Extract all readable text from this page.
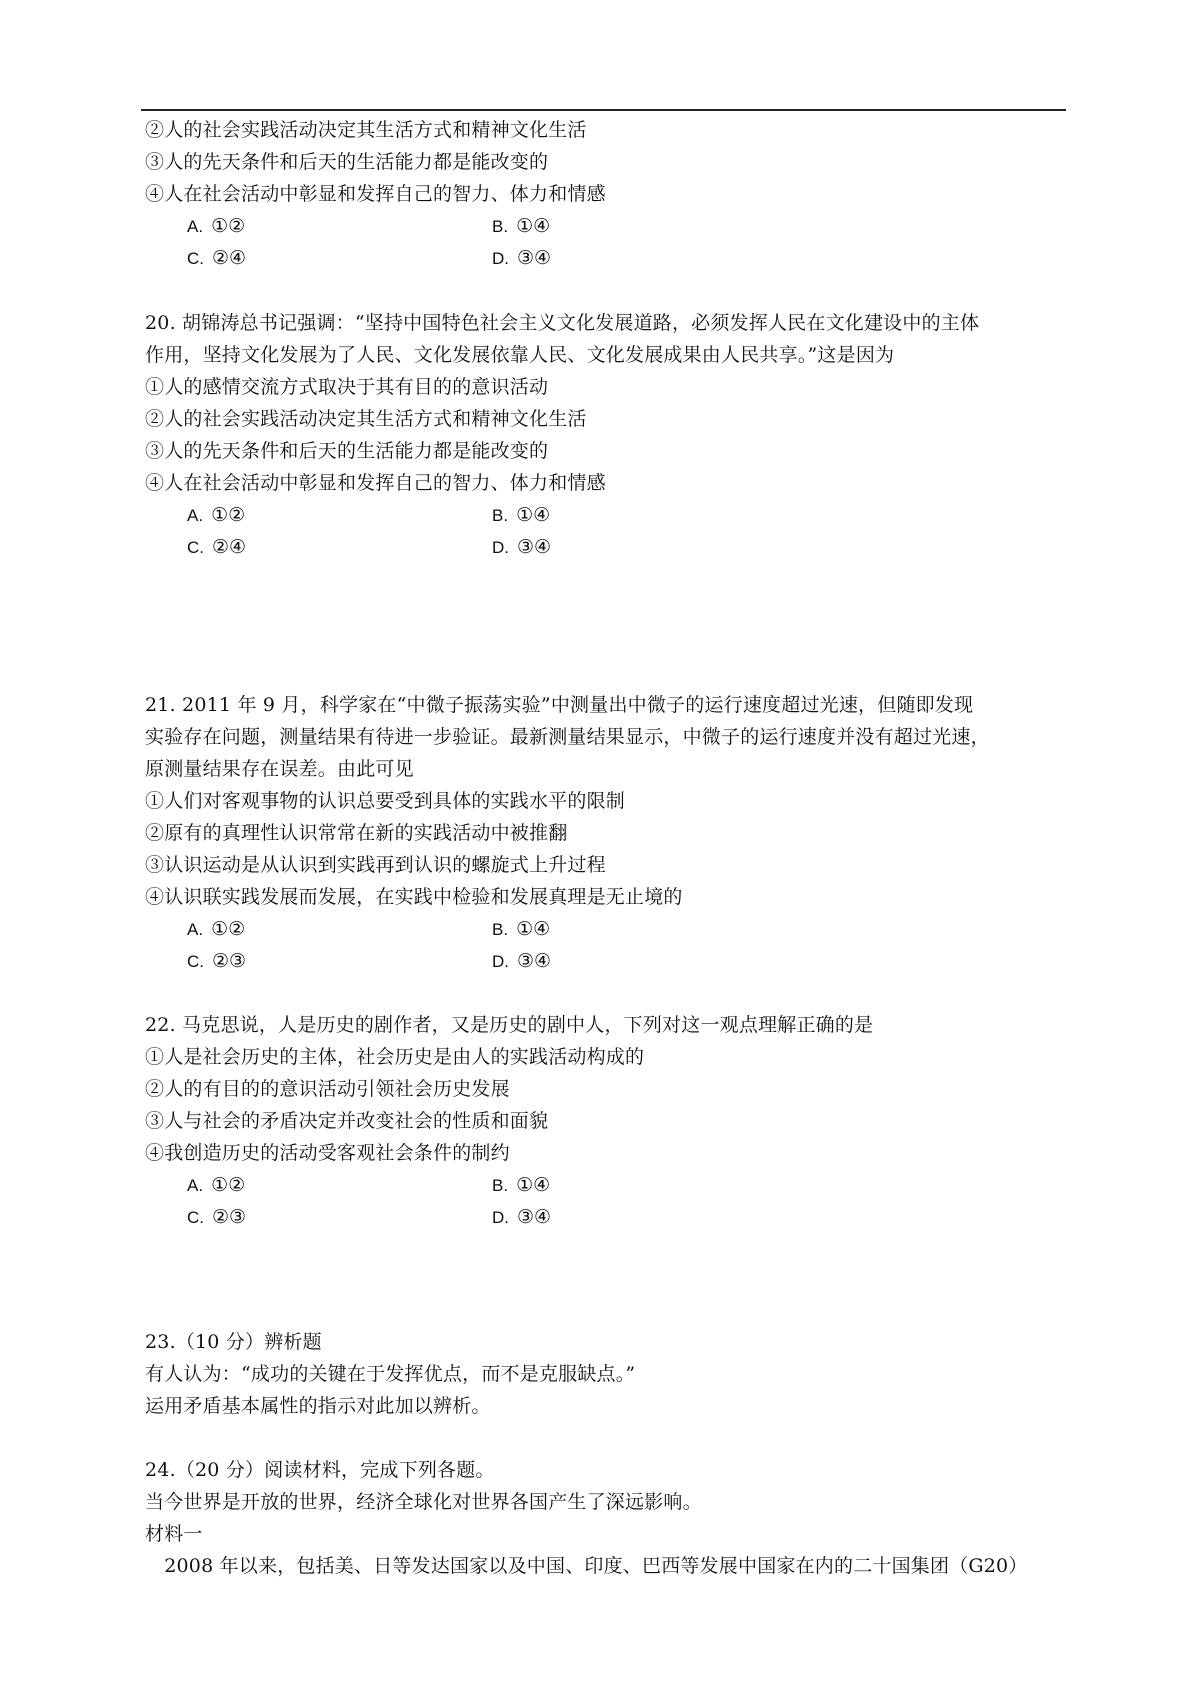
②人的社会实践活动决定其生活方式和精神文化生活
③人的先天条件和后天的生活能力都是能改变的
④人在社会活动中彰显和发挥自己的智力、体力和情感
A. ①②	B. ①④
C. ②④	D. ③④
20. 胡锦涛总书记强调：“坚持中国特色社会主义文化发展道路，必须发挥人民在文化建设中的主体
作用，坚持文化发展为了人民、文化发展依靠人民、文化发展成果由人民共享。”这是因为
①人的感情交流方式取决于其有目的的意识活动
②人的社会实践活动决定其生活方式和精神文化生活
③人的先天条件和后天的生活能力都是能改变的
④人在社会活动中彰显和发挥自己的智力、体力和情感
A. ①②	B. ①④
C. ②④	D. ③④
21. 2011 年 9 月，科学家在“中微子振荡实验”中测量出中微子的运行速度超过光速，但随即发现
实验存在问题，测量结果有待进一步验证。最新测量结果显示，中微子的运行速度并没有超过光速，
原测量结果存在误差。由此可见
①人们对客观事物的认识总要受到具体的实践水平的限制
②原有的真理性认识常常在新的实践活动中被推翻
③认识运动是从认识到实践再到认识的螺旋式上升过程
④认识联实践发展而发展，在实践中检验和发展真理是无止境的
A. ①②	B. ①④
C. ②③	D. ③④
22. 马克思说，人是历史的剧作者，又是历史的剧中人，下列对这一观点理解正确的是
①人是社会历史的主体，社会历史是由人的实践活动构成的
②人的有目的的意识活动引领社会历史发展
③人与社会的矛盾决定并改变社会的性质和面貌
④我创造历史的活动受客观社会条件的制约
A. ①②	B. ①④
C. ②③	D. ③④
23.（10 分）辨析题
有人认为：“成功的关键在于发挥优点，而不是克服缺点。”
运用矛盾基本属性的指示对此加以辨析。
24.（20 分）阅读材料，完成下列各题。
当今世界是开放的世界，经济全球化对世界各国产生了深远影响。
材料一
　2008 年以来，包括美、日等发达国家以及中国、印度、巴西等发展中国家在内的二十国集团（G20）
